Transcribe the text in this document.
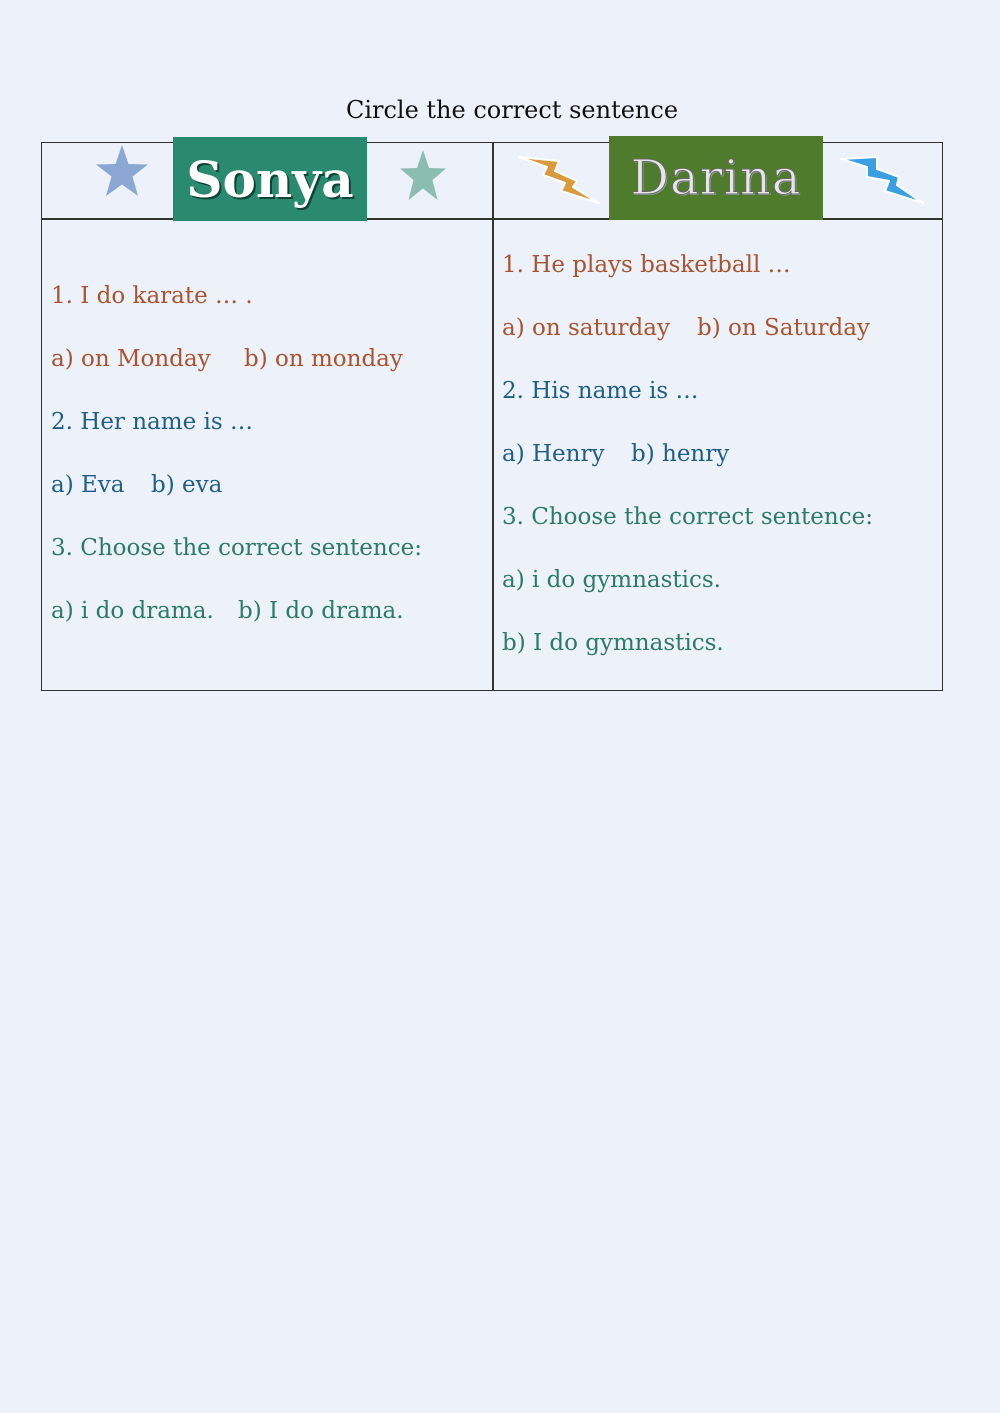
Circle the correct sentence
Sonya	Darina

1. I do karate … .

a) on Monday b) on monday

2. Her name is …

a) Eva b) eva

3. Choose the correct sentence:

a) i do drama. b) I do drama.

1. He plays basketball …

a) on saturday b) on Saturday

2. His name is …

a) Henry b) henry

3. Choose the correct sentence:

a) i do gymnastics.

b) I do gymnastics.
